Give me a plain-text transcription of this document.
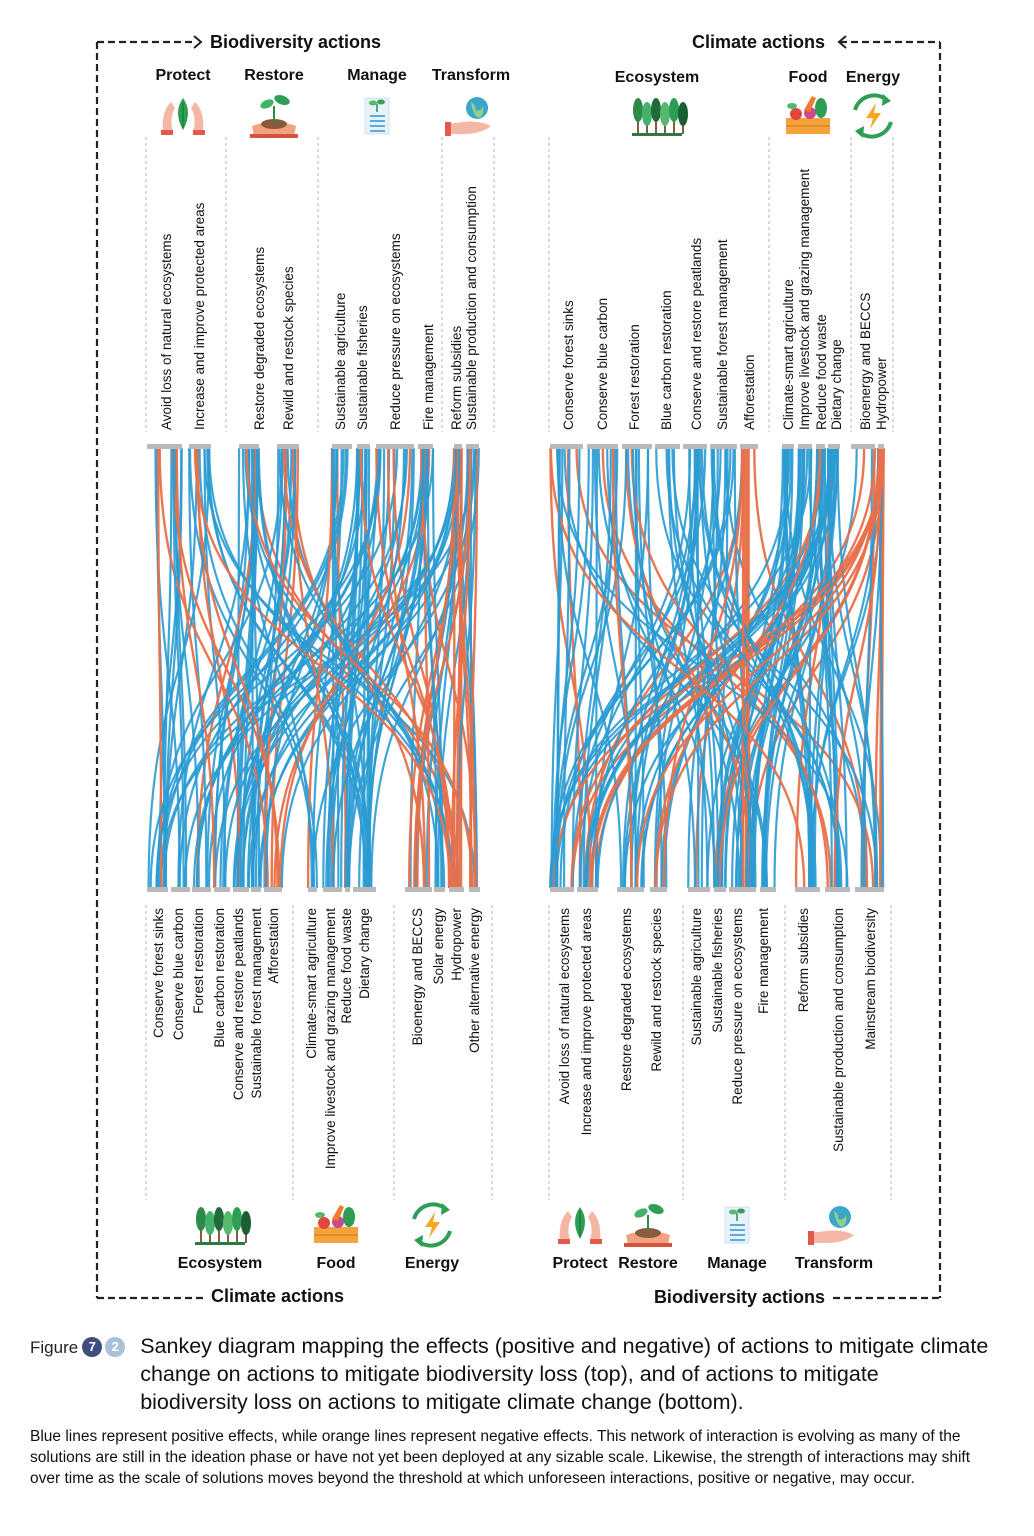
Biodiversity actions	Climate actions
Climate actions	Biodiversity actions
Avoid loss of natural ecosystems Increase and improve protected areas	Restore degraded ecosystems Rewild and restock species	Sustainable agriculture Sustainable fisheries Reduce pressure on ecosystems Fire management Reform subsidies Sustainable production and consumption
Conserve forest sinks Conserve blue carbon Forest restoration Blue carbon restoration Conserve and restore peatlands Sustainable forest management Afforestation Climate-smart agriculture Improve livestock and grazing management Reduce food waste Dietary change	Bioenergy and BECCS Solar energy Hydropower Other alternative energy
Conserve forest sinks Conserve blue carbon Forest restoration Blue carbon restoration Conserve and restore peatlands Sustainable forest management Afforestation Climate-smart agriculture Improve livestock and grazing management Reduce food waste Dietary change Bioenergy and BECCS Hydropower
Avoid loss of natural ecosystems Increase and improve protected areas Restore degraded ecosystems Rewild and restock species Sustainable agriculture Sustainable fisheries Reduce pressure on ecosystems Fire management Reform subsidies Sustainable production and consumption Mainstream biodiversity
Protect Restore	Manage Transform	Ecosystem	Food Energy
Ecosystem	Food	Energy	Protect Restore Manage Transform
Figure 7	2 Sankey diagram mapping the effects (positive and negative) of actions to mitigate climate change on actions to mitigate biodiversity loss (top), and of actions to mitigate biodiversity loss on actions to mitigate climate change (bottom).
Blue lines represent positive effects, while orange lines represent negative effects. This network of interaction is evolving as many of the solutions are still in the ideation phase or have not yet been deployed at any sizable scale. Likewise, the strength of interactions may shift over time as the scale of solutions moves beyond the threshold at which unforeseen interactions, positive or negative, may occur.
